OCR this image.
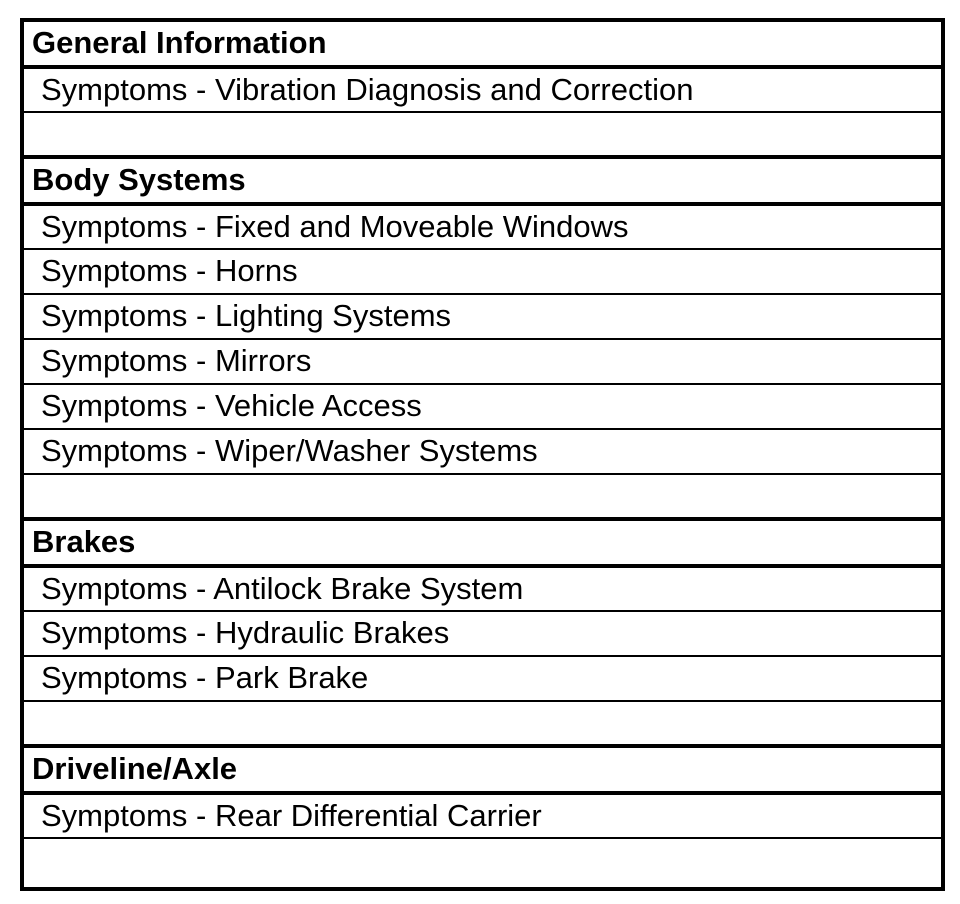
General Information
Symptoms - Vibration Diagnosis and Correction
Body Systems
Symptoms - Fixed and Moveable Windows
Symptoms - Horns
Symptoms - Lighting Systems
Symptoms - Mirrors
Symptoms - Vehicle Access
Symptoms - Wiper/Washer Systems
Brakes
Symptoms - Antilock Brake System
Symptoms - Hydraulic Brakes
Symptoms - Park Brake
Driveline/Axle
Symptoms - Rear Differential Carrier
